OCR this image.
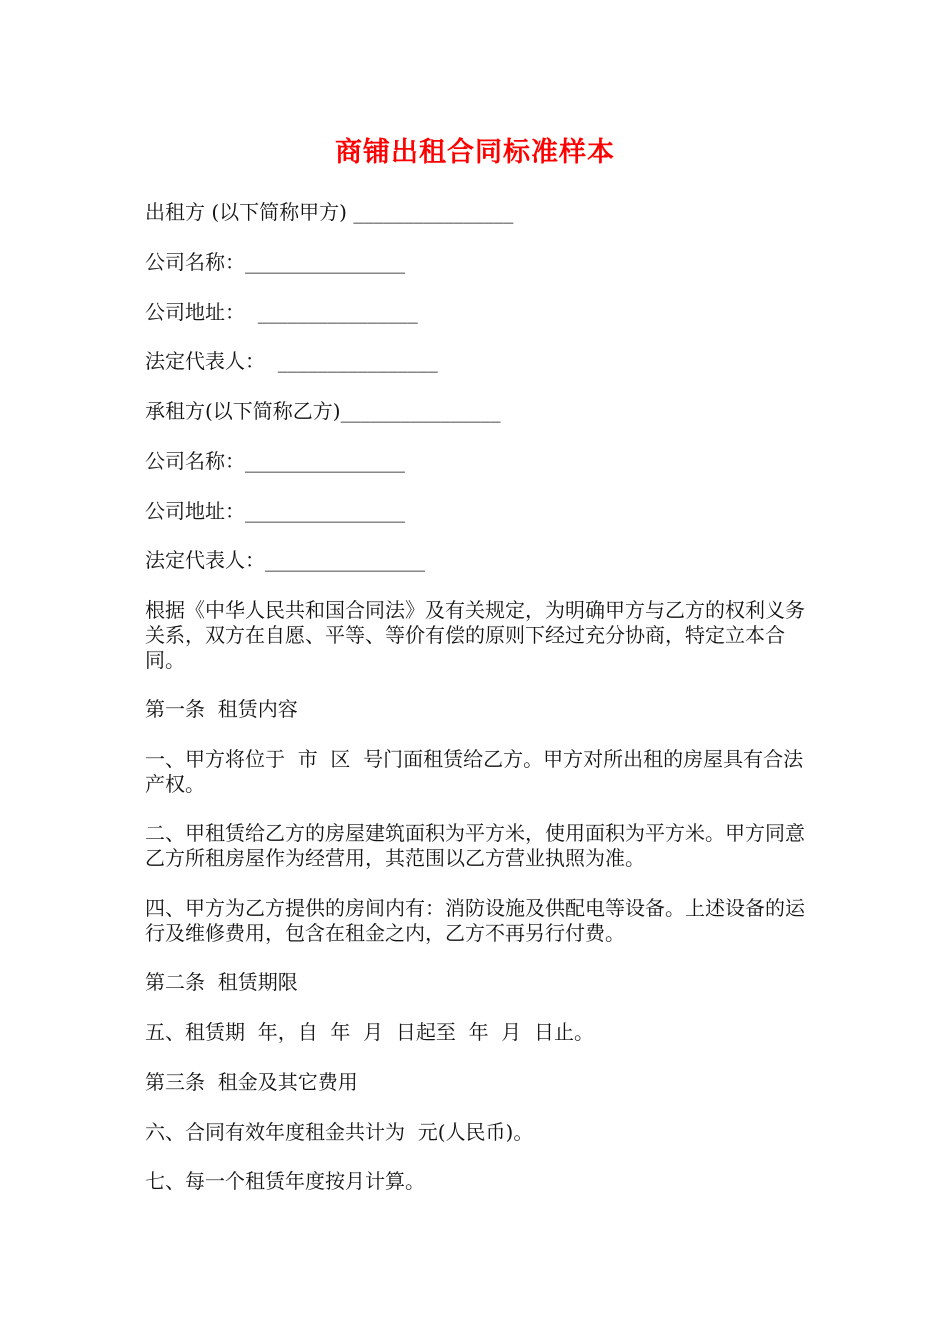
商铺出租合同标准样本

出租方 (以下简称甲方) ________________

公司名称：________________

公司地址：  ________________

法定代表人：  ________________

承租方(以下简称乙方)________________

公司名称：________________

公司地址：________________

法定代表人：________________

根据《中华人民共和国合同法》及有关规定，为明确甲方与乙方的权利义务关系，双方在自愿、平等、等价有偿的原则下经过充分协商，特定立本合同。

第一条  租赁内容

一、甲方将位于  市  区  号门面租赁给乙方。甲方对所出租的房屋具有合法产权。

二、甲租赁给乙方的房屋建筑面积为平方米，使用面积为平方米。甲方同意乙方所租房屋作为经营用，其范围以乙方营业执照为准。

四、甲方为乙方提供的房间内有：消防设施及供配电等设备。上述设备的运行及维修费用，包含在租金之内，乙方不再另行付费。

第二条  租赁期限

五、租赁期  年，自  年  月  日起至  年  月  日止。

第三条  租金及其它费用

六、合同有效年度租金共计为  元(人民币)。

七、每一个租赁年度按月计算。
